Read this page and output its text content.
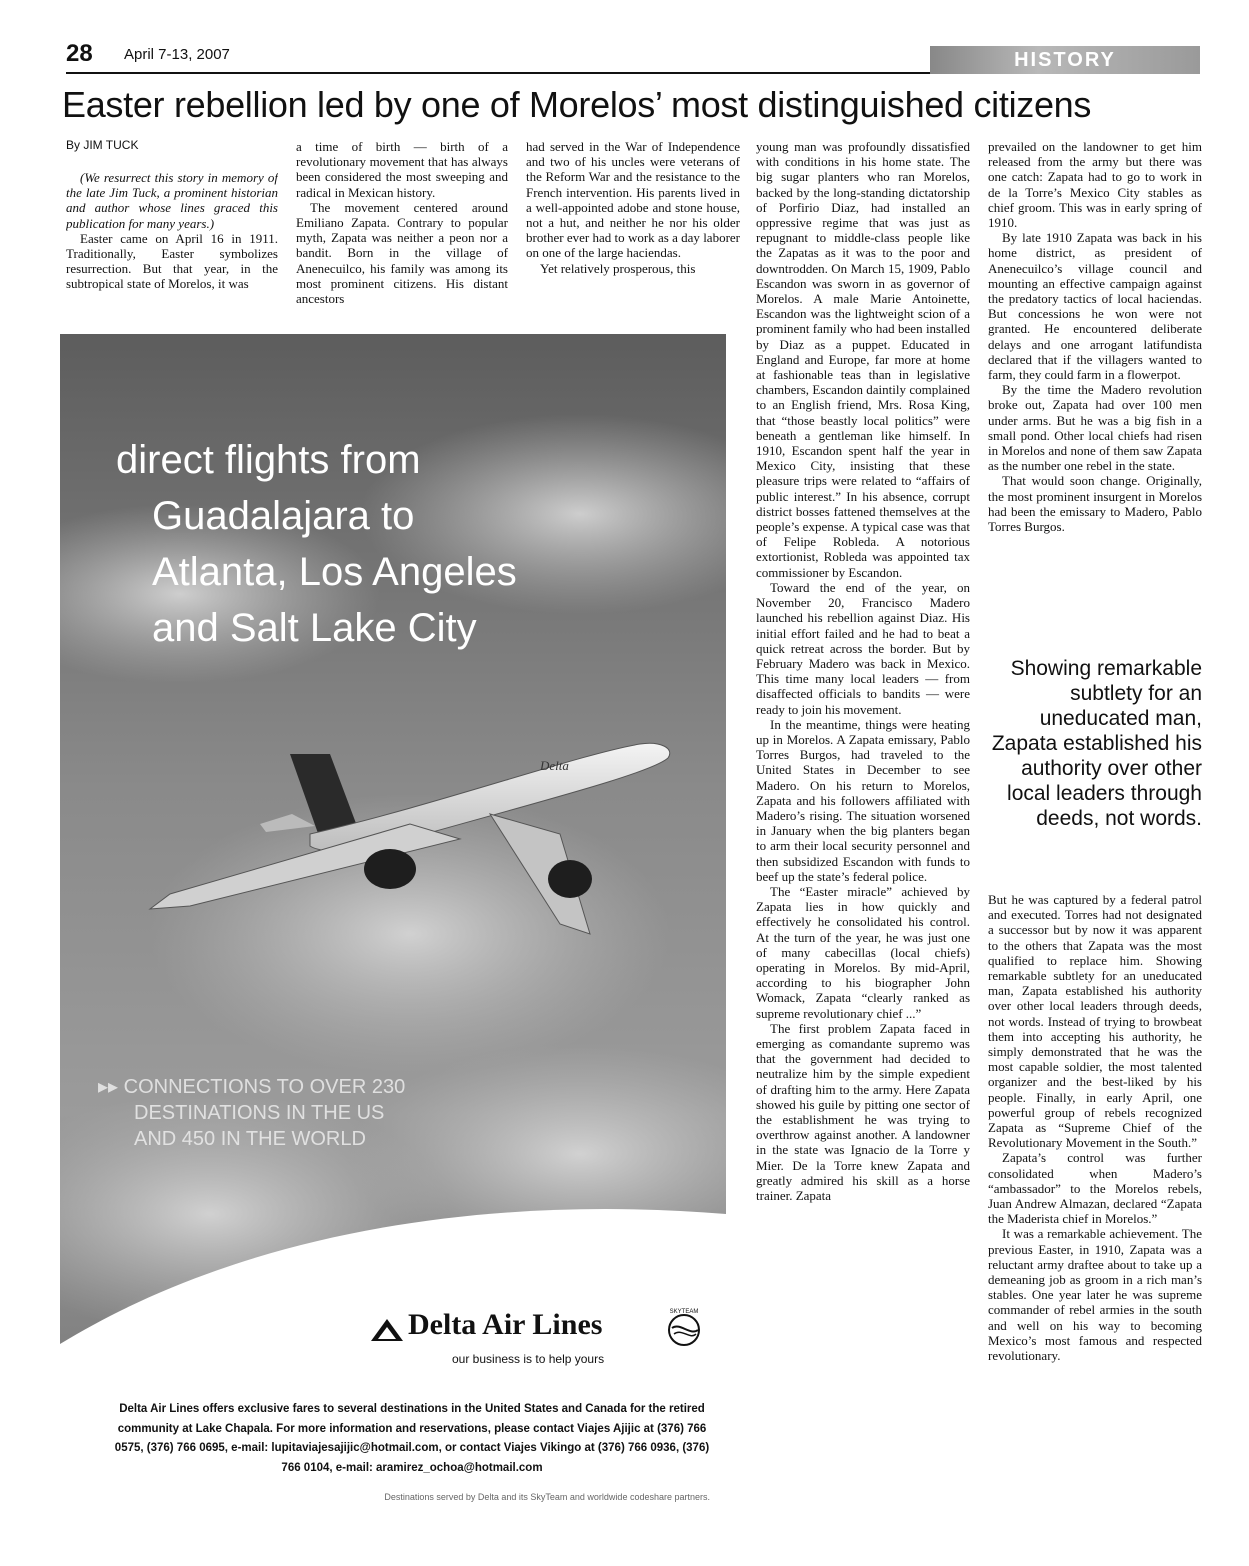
28 April 7-13, 2007	HISTORY
Easter rebellion led by one of Morelos’ most distinguished citizens

By JIM TUCK

(We resurrect this story in memory of the late Jim Tuck, a prominent historian and author whose lines graced this publication for many years.)

Easter came on April 16 in 1911. Traditionally, Easter symbolizes resurrection. But that year, in the subtropical state of Morelos, it was

a time of birth — birth of a revolutionary movement that has always been considered the most sweeping and radical in Mexican history.

The movement centered around Emiliano Zapata. Contrary to popular myth, Zapata was neither a peon nor a bandit. Born in the village of Anenecuilco, his family was among its most prominent citizens. His distant ancestors

had served in the War of Independence and two of his uncles were veterans of the Reform War and the resistance to the French intervention. His parents lived in a well-appointed adobe and stone house, not a hut, and neither he nor his older brother ever had to work as a day laborer on one of the large haciendas.

Yet relatively prosperous, this

young man was profoundly dissatisfied with conditions in his home state. The big sugar planters who ran Morelos, backed by the long-standing dictatorship of Porfirio Diaz, had installed an oppressive regime that was just as repugnant to middle-class people like the Zapatas as it was to the poor and downtrodden. On March 15, 1909, Pablo Escandon was sworn in as governor of Morelos. A male Marie Antoinette, Escandon was the lightweight scion of a prominent family who had been installed by Diaz as a puppet. Educated in England and Europe, far more at home at fashionable teas than in legislative chambers, Escandon daintily complained to an English friend, Mrs. Rosa King, that “those beastly local politics” were beneath a gentleman like himself. In 1910, Escandon spent half the year in Mexico City, insisting that these pleasure trips were related to “affairs of public interest.” In his absence, corrupt district bosses fattened themselves at the people’s expense. A typical case was that of Felipe Robleda. A notorious extortionist, Robleda was appointed tax commissioner by Escandon.

Toward the end of the year, on November 20, Francisco Madero launched his rebellion against Diaz. His initial effort failed and he had to beat a quick retreat across the border. But by February Madero was back in Mexico. This time many local leaders — from disaffected officials to bandits — were ready to join his movement.

In the meantime, things were heating up in Morelos. A Zapata emissary, Pablo Torres Burgos, had traveled to the United States in December to see Madero. On his return to Morelos, Zapata and his followers affiliated with Madero’s rising. The situation worsened in January when the big planters began to arm their local security personnel and then subsidized Escandon with funds to beef up the state’s federal police.

The “Easter miracle” achieved by Zapata lies in how quickly and effectively he consolidated his control. At the turn of the year, he was just one of many cabecillas (local chiefs) operating in Morelos. By mid-April, according to his biographer John Womack, Zapata “clearly ranked as supreme revolutionary chief ...”

The first problem Zapata faced in emerging as comandante supremo was that the government had decided to neutralize him by the simple expedient of drafting him to the army. Here Zapata showed his guile by pitting one sector of the establishment he was trying to overthrow against another. A landowner in the state was Ignacio de la Torre y Mier. De la Torre knew Zapata and greatly admired his skill as a horse trainer. Zapata

prevailed on the landowner to get him released from the army but there was one catch: Zapata had to go to work in de la Torre’s Mexico City stables as chief groom. This was in early spring of 1910.

By late 1910 Zapata was back in his home district, as president of Anenecuilco’s village council and mounting an effective campaign against the predatory tactics of local haciendas. But concessions he won were not granted. He encountered deliberate delays and one arrogant latifundista declared that if the villagers wanted to farm, they could farm in a flowerpot.

By the time the Madero revolution broke out, Zapata had over 100 men under arms. But he was a big fish in a small pond. Other local chiefs had risen in Morelos and none of them saw Zapata as the number one rebel in the state.

That would soon change. Originally, the most prominent insurgent in Morelos had been the emissary to Madero, Pablo Torres Burgos.

Showing remarkable subtlety for an uneducated man, Zapata established his authority over other local leaders through deeds, not words.

But he was captured by a federal patrol and executed. Torres had not designated a successor but by now it was apparent to the others that Zapata was the most qualified to replace him. Showing remarkable subtlety for an uneducated man, Zapata established his authority over other local leaders through deeds, not words. Instead of trying to browbeat them into accepting his authority, he simply demonstrated that he was the most capable soldier, the most talented organizer and the best-liked by his people. Finally, in early April, one powerful group of rebels recognized Zapata as “Supreme Chief of the Revolutionary Movement in the South.”

Zapata’s control was further consolidated when Madero’s “ambassador” to the Morelos rebels, Juan Andrew Almazan, declared “Zapata the Maderista chief in Morelos.”

It was a remarkable achievement. The previous Easter, in 1910, Zapata was a reluctant army draftee about to take up a demeaning job as groom in a rich man’s stables. One year later he was supreme commander of rebel armies in the south and well on his way to becoming Mexico’s most famous and respected revolutionary.

Delta
direct flights from
Guadalajara to
Atlanta, Los Angeles
and Salt Lake City
▸▸ CONNECTIONS TO OVER 230
DESTINATIONS IN THE US
AND 450 IN THE WORLD
Delta Air Lines	SKYTEAM
our business is to help yours
Delta Air Lines offers exclusive fares to several destinations in the United States and Canada for the retired community at Lake Chapala. For more information and reservations, please contact Viajes Ajijic at (376) 766 0575, (376) 766 0695, e-mail: lupitaviajesajijic@hotmail.com, or contact Viajes Vikingo at (376) 766 0936, (376) 766 0104, e-mail: aramirez_ochoa@hotmail.com
Destinations served by Delta and its SkyTeam and worldwide codeshare partners.
